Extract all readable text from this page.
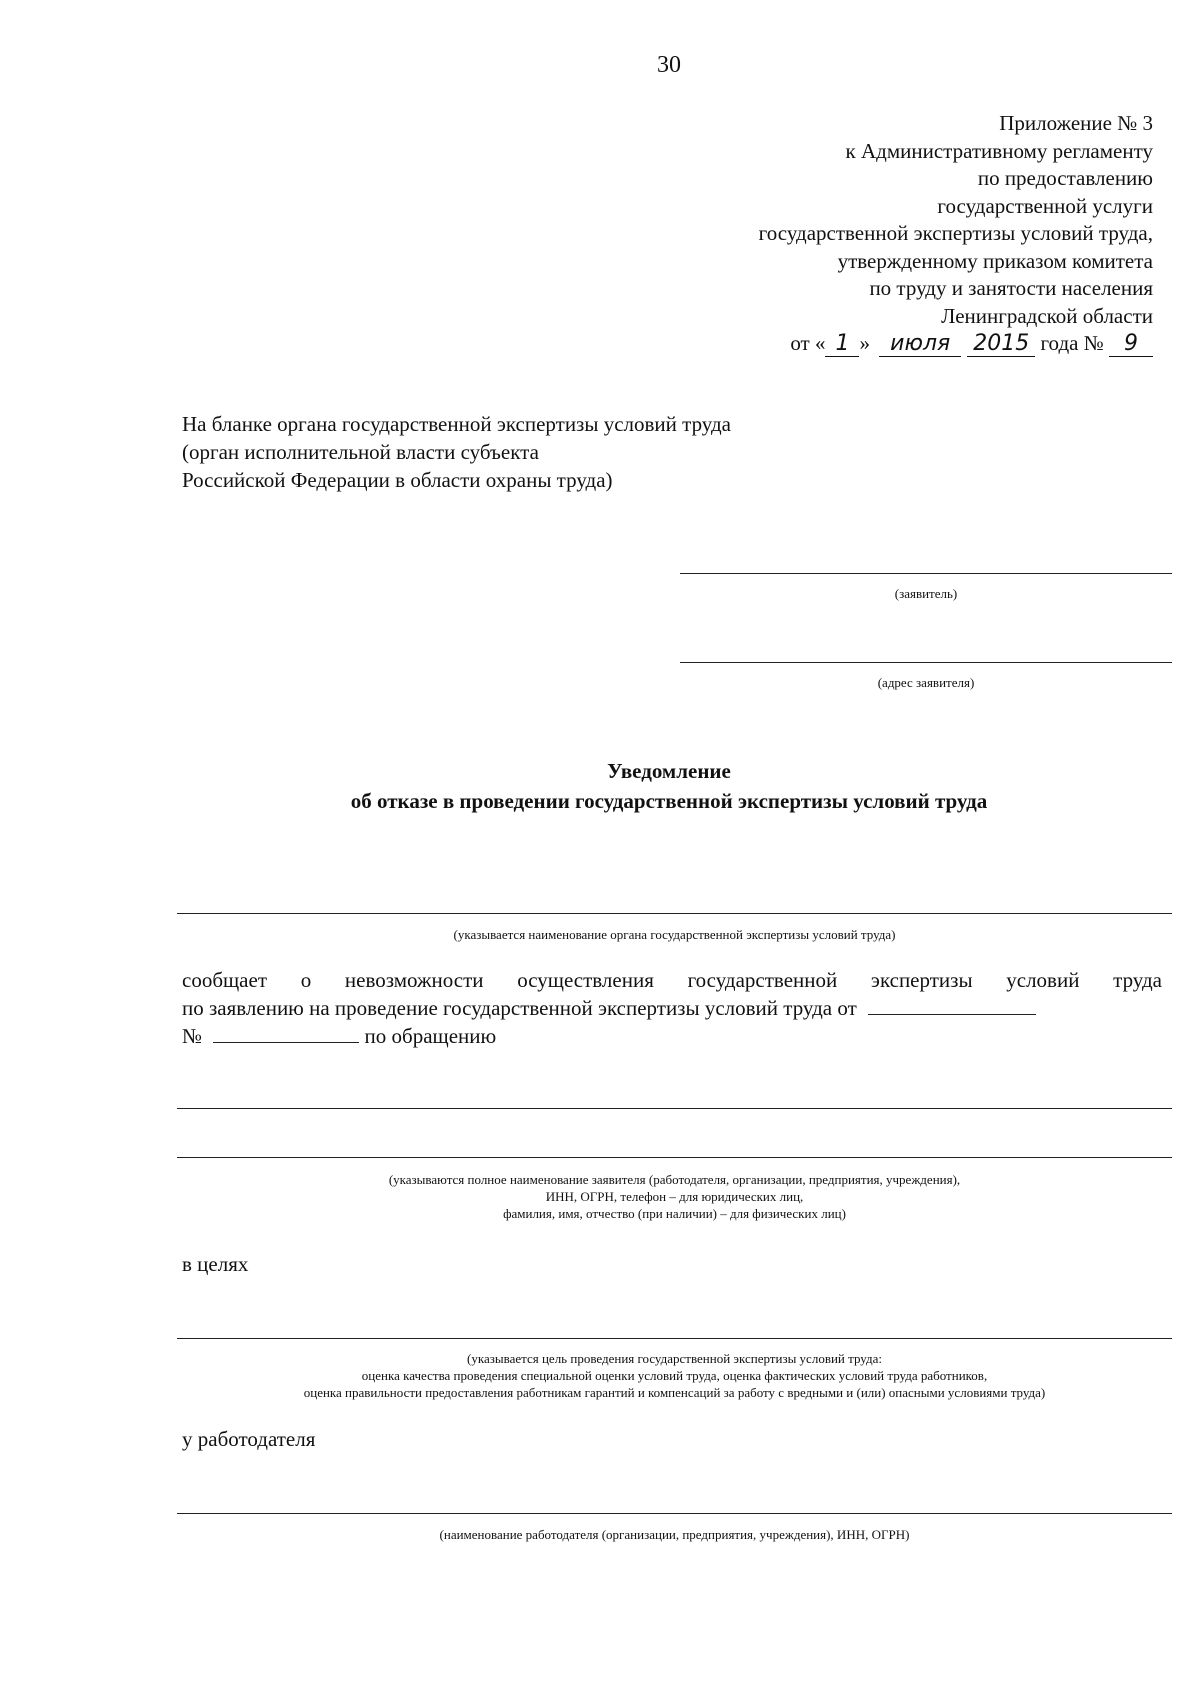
30
Приложение № 3
к Административному регламенту
по предоставлению
государственной услуги
государственной экспертизы условий труда,
утвержденному приказом комитета
по труду и занятости населения
Ленинградской области
от « 1 » июля 2015 года № 9
На бланке органа государственной экспертизы условий труда
(орган исполнительной власти субъекта
Российской Федерации в области охраны труда)
(заявитель)
(адрес заявителя)
Уведомление
об отказе в проведении государственной экспертизы условий труда
(указывается наименование органа государственной экспертизы условий труда)
сообщает о невозможности осуществления государственной экспертизы условий труда
по заявлению на проведение государственной экспертизы условий труда от
№	по обращению
(указываются полное наименование заявителя (работодателя, организации, предприятия, учреждения),
ИНН, ОГРН, телефон – для юридических лиц,
фамилия, имя, отчество (при наличии) – для физических лиц)
в целях
(указывается цель проведения государственной экспертизы условий труда:
оценка качества проведения специальной оценки условий труда, оценка фактических условий труда работников,
оценка правильности предоставления работникам гарантий и компенсаций за работу с вредными и (или) опасными условиями труда)
у работодателя
(наименование работодателя (организации, предприятия, учреждения), ИНН, ОГРН)
